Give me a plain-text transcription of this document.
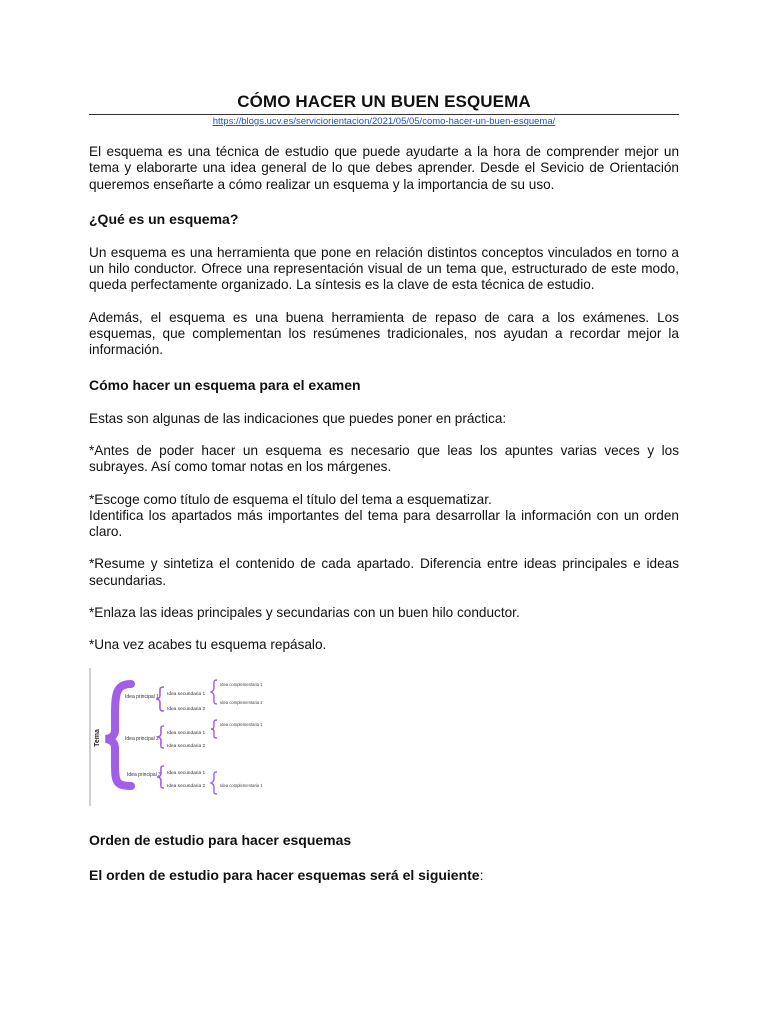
CÓMO HACER UN BUEN ESQUEMA
https://blogs.ucv.es/serviciorientacion/2021/05/05/como-hacer-un-buen-esquema/

El esquema es una técnica de estudio que puede ayudarte a la hora de comprender mejor un tema y elaborarte una idea general de lo que debes aprender. Desde el Sevicio de Orientación queremos enseñarte a cómo realizar un esquema y la importancia de su uso.

¿Qué es un esquema?

Un esquema es una herramienta que pone en relación distintos conceptos vinculados en torno a un hilo conductor. Ofrece una representación visual de un tema que, estructurado de este modo, queda perfectamente organizado. La síntesis es la clave de esta técnica de estudio.

Además, el esquema es una buena herramienta de repaso de cara a los exámenes. Los esquemas, que complementan los resúmenes tradicionales, nos ayudan a recordar mejor la información.

Cómo hacer un esquema para el examen

Estas son algunas de las indicaciones que puedes poner en práctica:

*Antes de poder hacer un esquema es necesario que leas los apuntes varias veces y los subrayes. Así como tomar notas en los márgenes.

*Escoge como título de esquema el título del tema a esquematizar.

Identifica los apartados más importantes del tema para desarrollar la información con un orden claro.

*Resume y sintetiza el contenido de cada apartado. Diferencia entre ideas principales e ideas secundarias.

*Enlaza las ideas principales y secundarias con un buen hilo conductor.

*Una vez acabes tu esquema repásalo.

Tema
Idea principal 1 Idea secundaria 1
Idea secundaria 2
Idea complementaria 1
Idea complementaria 2
Idea principal 2
Idea secundaria 1
Idea secundaria 2
Idea complementaria 1
Idea principal 3 Idea secundaria 1
Idea secundaria 2	Idea complementaria 1
Orden de estudio para hacer esquemas
El orden de estudio para hacer esquemas será el siguiente:
